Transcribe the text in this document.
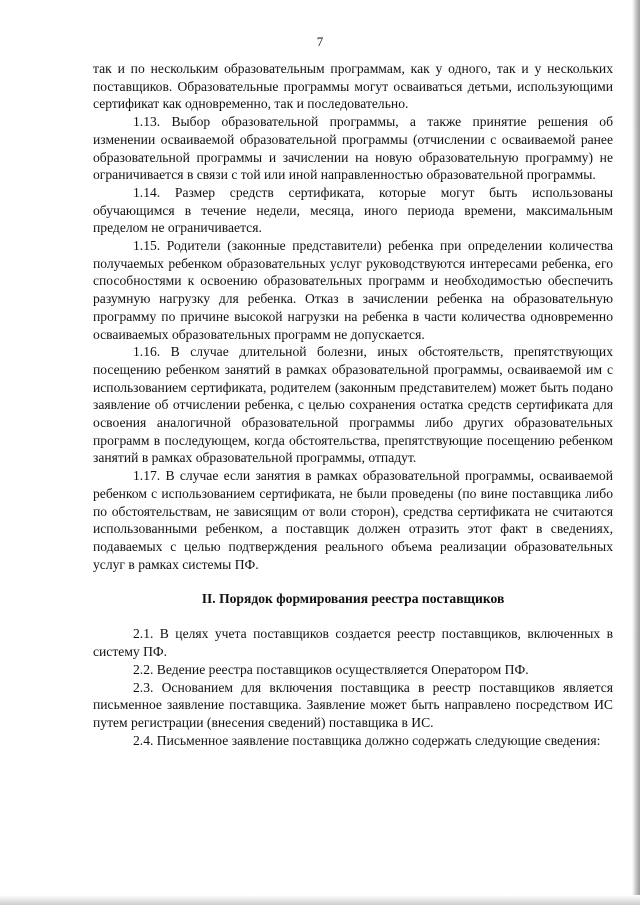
7

так и по нескольким образовательным программам, как у одного, так и у нескольких поставщиков. Образовательные программы могут осваиваться детьми, использующими сертификат как одновременно, так и последовательно.

1.13. Выбор образовательной программы, а также принятие решения об изменении осваиваемой образовательной программы (отчислении с осваиваемой ранее образовательной программы и зачислении на новую образовательную программу) не ограничивается в связи с той или иной направленностью образовательной программы.

1.14. Размер средств сертификата, которые могут быть использованы обучающимся в течение недели, месяца, иного периода времени, максимальным пределом не ограничивается.

1.15. Родители (законные представители) ребенка при определении количества получаемых ребенком образовательных услуг руководствуются интересами ребенка, его способностями к освоению образовательных программ и необходимостью обеспечить разумную нагрузку для ребенка. Отказ в зачислении ребенка на образовательную программу по причине высокой нагрузки на ребенка в части количества одновременно осваиваемых образовательных программ не допускается.

1.16. В случае длительной болезни, иных обстоятельств, препятствующих посещению ребенком занятий в рамках образовательной программы, осваиваемой им с использованием сертификата, родителем (законным представителем) может быть подано заявление об отчислении ребенка, с целью сохранения остатка средств сертификата для освоения аналогичной образовательной программы либо других образовательных программ в последующем, когда обстоятельства, препятствующие посещению ребенком занятий в рамках образовательной программы, отпадут.

1.17. В случае если занятия в рамках образовательной программы, осваиваемой ребенком с использованием сертификата, не были проведены (по вине поставщика либо по обстоятельствам, не зависящим от воли сторон), средства сертификата не считаются использованными ребенком, а поставщик должен отразить этот факт в сведениях, подаваемых с целью подтверждения реального объема реализации образовательных услуг в рамках системы ПФ.

II. Порядок формирования реестра поставщиков

2.1. В целях учета поставщиков создается реестр поставщиков, включенных в систему ПФ.

2.2. Ведение реестра поставщиков осуществляется Оператором ПФ.

2.3. Основанием для включения поставщика в реестр поставщиков является письменное заявление поставщика. Заявление может быть направлено посредством ИС путем регистрации (внесения сведений) поставщика в ИС.

2.4. Письменное заявление поставщика должно содержать следующие сведения:
